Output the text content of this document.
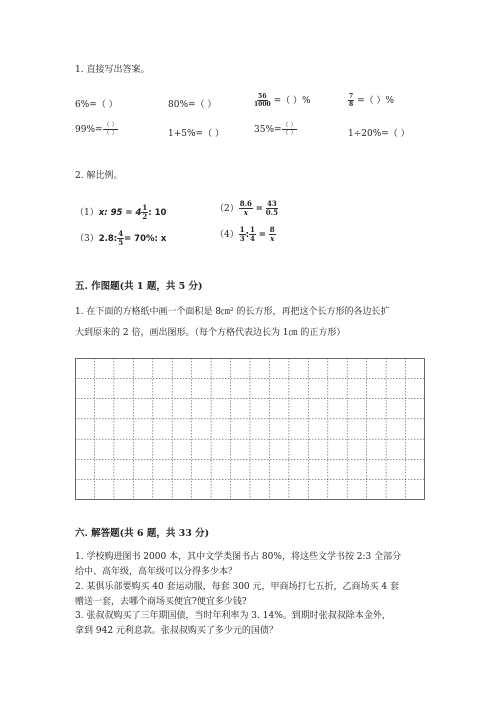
1. 直接写出答案。
6%=（ ）	80%=（ ）	$\frac{56}{1000}$ =（ ）%	$\frac{7}{8}$ =（ ）%
$99\%= \frac{( )}{( )}$	1+5%=（ ）	$35\%= \frac{( )}{( )}$	1÷20%=（ ）
2. 解比例。
（1）x: $95 = 4 \frac{1}{2}$ : 10	$(2) \frac{8.6}{x} = \frac{43}{0.5}$
（3）2.8: $\frac{4}{5} = 70\%$: x	$(4) \frac{1}{3}$ : $\frac{1}{4} = \frac{8}{x}$
五. 作图题(共 1 题，共 5 分)
1. 在下面的方格纸中画一个面积是 8㎝² 的长方形，再把这个长方形的各边长扩
大到原来的 2 倍，画出图形。（每个方格代表边长为 1㎝ 的正方形）
六. 解答题(共 6 题，共 33 分)
1. 学校购进图书 2000 本，其中文学类图书占 80%，将这些文学书按 2:3 全部分
给中、高年级，高年级可以分得多少本？
2. 某俱乐部要购买 40 套运动服，每套 300 元，甲商场打七五折，乙商场买 4 套
赠送一套，去哪个商场买便宜?便宜多少钱?
3. 张叔叔购买了三年期国债，当时年利率为 3. 14%。到期时张叔叔除本金外，
拿到 942 元利息款。张叔叔购买了多少元的国债？
